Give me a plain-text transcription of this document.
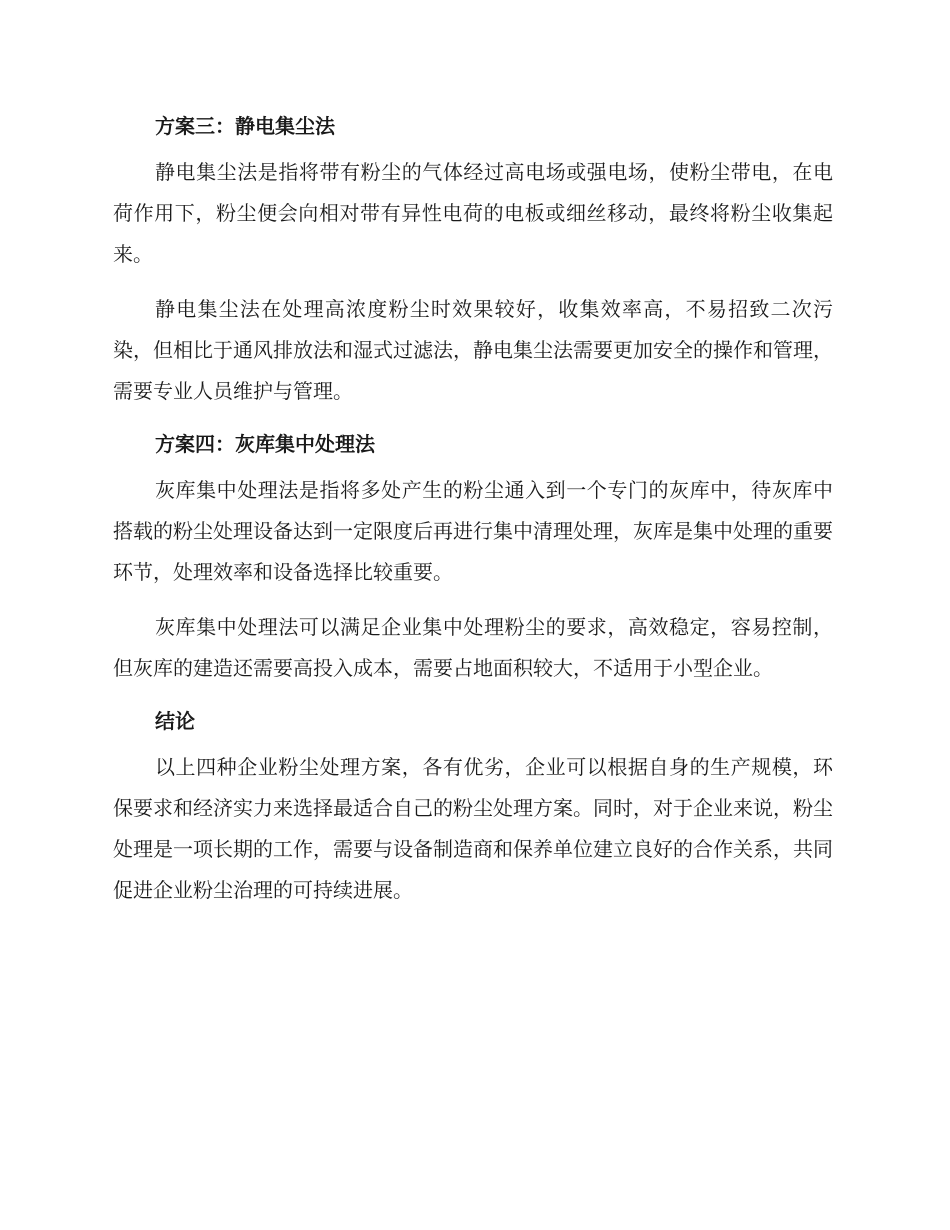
方案三：静电集尘法

静电集尘法是指将带有粉尘的气体经过高电场或强电场，使粉尘带电，在电荷作用下，粉尘便会向相对带有异性电荷的电板或细丝移动，最终将粉尘收集起来。

静电集尘法在处理高浓度粉尘时效果较好，收集效率高，不易招致二次污染，但相比于通风排放法和湿式过滤法，静电集尘法需要更加安全的操作和管理，需要专业人员维护与管理。

方案四：灰库集中处理法

灰库集中处理法是指将多处产生的粉尘通入到一个专门的灰库中，待灰库中搭载的粉尘处理设备达到一定限度后再进行集中清理处理，灰库是集中处理的重要环节，处理效率和设备选择比较重要。

灰库集中处理法可以满足企业集中处理粉尘的要求，高效稳定，容易控制，但灰库的建造还需要高投入成本，需要占地面积较大，不适用于小型企业。

结论

以上四种企业粉尘处理方案，各有优劣，企业可以根据自身的生产规模，环保要求和经济实力来选择最适合自己的粉尘处理方案。同时，对于企业来说，粉尘处理是一项长期的工作，需要与设备制造商和保养单位建立良好的合作关系，共同促进企业粉尘治理的可持续进展。
